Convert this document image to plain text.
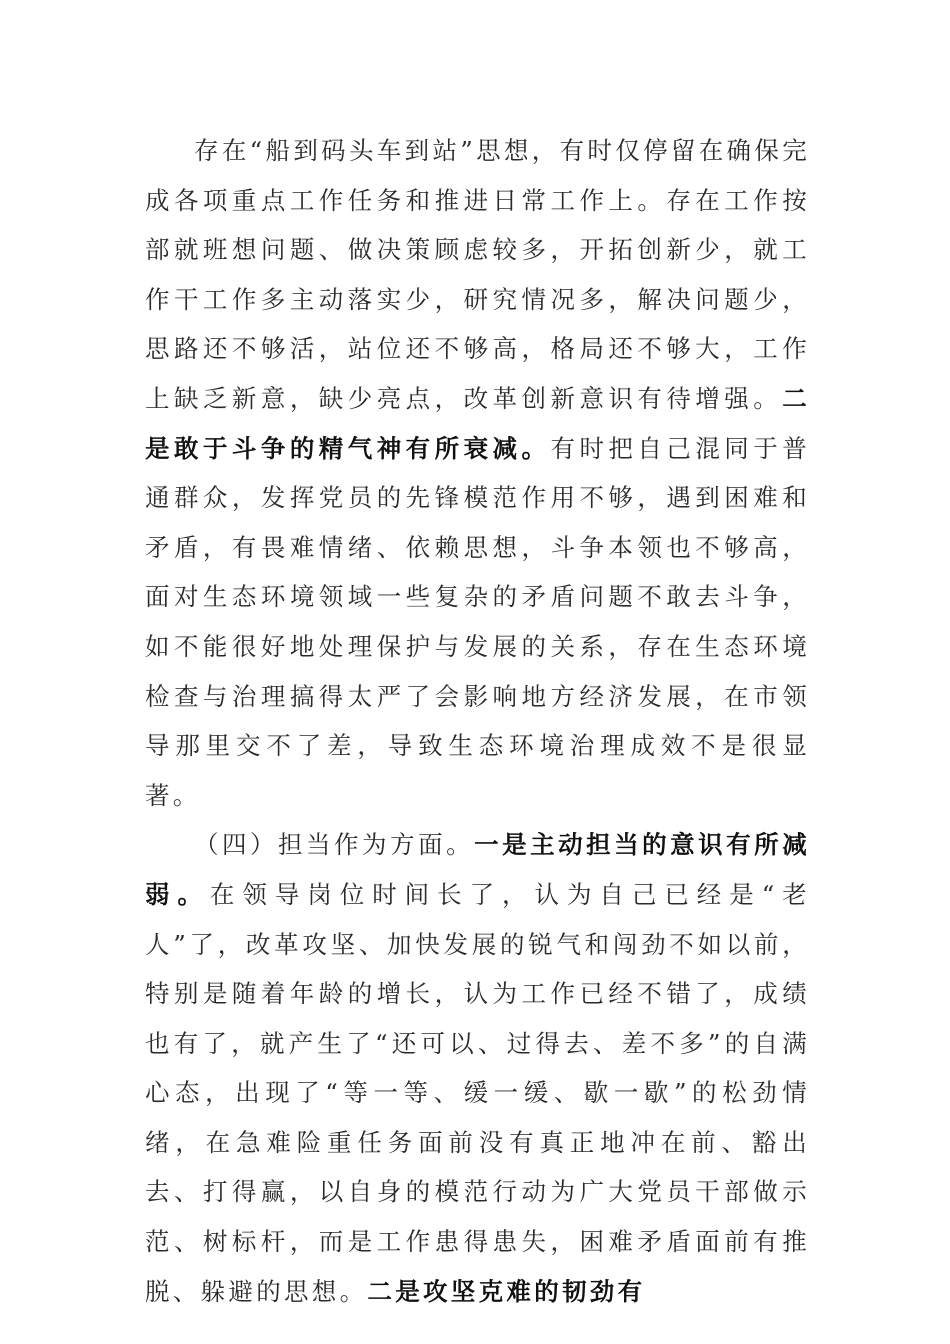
存在“船到码头车到站”思想，有时仅停留在确保完成各项重点工作任务和推进日常工作上。存在工作按部就班想问题、做决策顾虑较多，开拓创新少，就工作干工作多主动落实少，研究情况多，解决问题少，思路还不够活，站位还不够高，格局还不够大，工作上缺乏新意，缺少亮点，改革创新意识有待增强。二是敢于斗争的精气神有所衰减。有时把自己混同于普通群众，发挥党员的先锋模范作用不够，遇到困难和矛盾，有畏难情绪、依赖思想，斗争本领也不够高，面对生态环境领域一些复杂的矛盾问题不敢去斗争，如不能很好地处理保护与发展的关系，存在生态环境检查与治理搞得太严了会影响地方经济发展，在市领导那里交不了差，导致生态环境治理成效不是很显著。

（四）担当作为方面。一是主动担当的意识有所减弱。在领导岗位时间长了，认为自己已经是“老人”了，改革攻坚、加快发展的锐气和闯劲不如以前，特别是随着年龄的增长，认为工作已经不错了，成绩也有了，就产生了“还可以、过得去、差不多”的自满心态，出现了“等一等、缓一缓、歇一歇”的松劲情绪，在急难险重任务面前没有真正地冲在前、豁出去、打得赢，以自身的模范行动为广大党员干部做示范、树标杆，而是工作患得患失，困难矛盾面前有推脱、躲避的思想。二是攻坚克难的韧劲有
